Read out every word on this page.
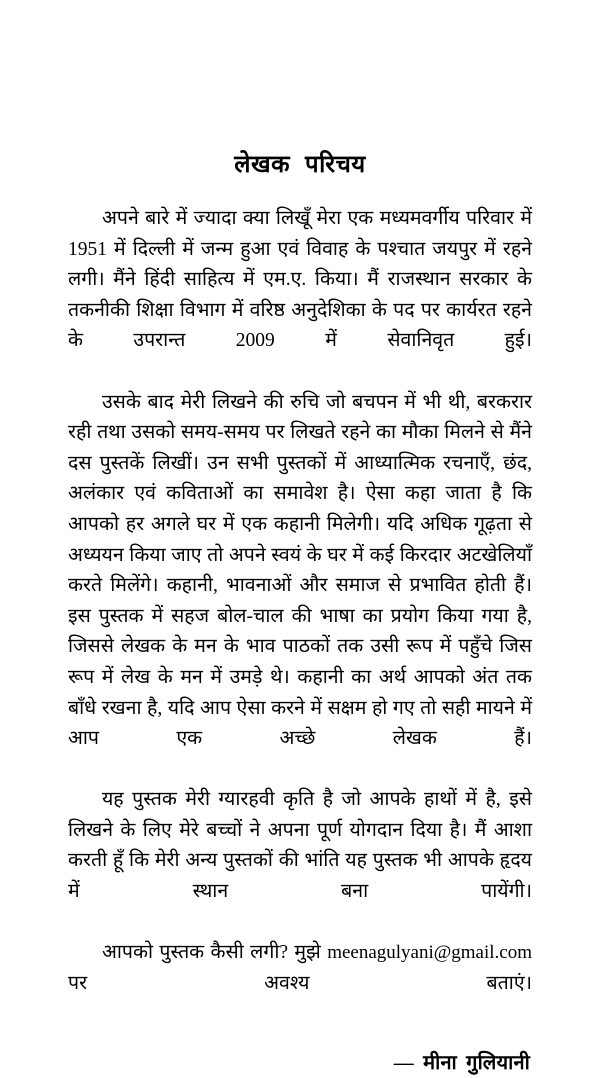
लेखक परिचय

अपने बारे में ज्यादा क्या लिखूँ मेरा एक मध्यमवर्गीय परिवार में 1951 में दिल्ली में जन्म हुआ एवं विवाह के पश्चात जयपुर में रहने लगी। मैंने हिंदी साहित्य में एम.ए. किया। मैं राजस्थान सरकार के तकनीकी शिक्षा विभाग में वरिष्ठ अनुदेशिका के पद पर कार्यरत रहने के उपरान्त 2009 में सेवानिवृत हुई।

उसके बाद मेरी लिखने की रुचि जो बचपन में भी थी, बरकरार रही तथा उसको समय-समय पर लिखते रहने का मौका मिलने से मैंने दस पुस्तकें लिखीं। उन सभी पुस्तकों में आध्यात्मिक रचनाएँ, छंद, अलंकार एवं कविताओं का समावेश है। ऐसा कहा जाता है कि आपको हर अगले घर में एक कहानी मिलेगी। यदि अधिक गूढ़ता से अध्ययन किया जाए तो अपने स्वयं के घर में कई किरदार अटखेलियाँ करते मिलेंगे। कहानी, भावनाओं और समाज से प्रभावित होती हैं। इस पुस्तक में सहज बोल-चाल की भाषा का प्रयोग किया गया है, जिससे लेखक के मन के भाव पाठकों तक उसी रूप में पहुँचे जिस रूप में लेख के मन में उमड़े थे। कहानी का अर्थ आपको अंत तक बाँधे रखना है, यदि आप ऐसा करने में सक्षम हो गए तो सही मायने में आप एक अच्छे लेखक हैं।

यह पुस्तक मेरी ग्यारहवी कृति है जो आपके हाथों में है, इसे लिखने के लिए मेरे बच्चों ने अपना पूर्ण योगदान दिया है। मैं आशा करती हूँ कि मेरी अन्य पुस्तकों की भांति यह पुस्तक भी आपके हृदय में स्थान बना पायेंगी।

आपको पुस्तक कैसी लगी? मुझे meenagulyani@gmail.com पर अवश्य बताएं।

— मीना गुलियानी
